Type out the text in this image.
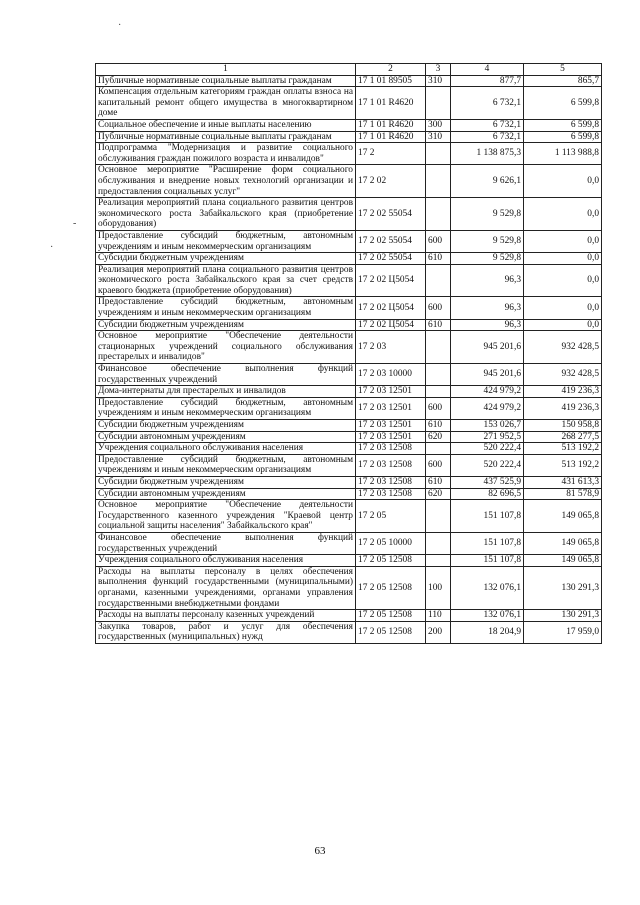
·
-
·
1	2	3	4	5
Публичные нормативные социальные выплаты гражданам	17 1 01 89505	310	877,7	865,7
Компенсация отдельным категориям граждан оплаты взноса на капитальный ремонт общего имущества в многоквартирном доме	17 1 01 R4620		6 732,1	6 599,8
Социальное обеспечение и иные выплаты населению	17 1 01 R4620	300	6 732,1	6 599,8
Публичные нормативные социальные выплаты гражданам	17 1 01 R4620	310	6 732,1	6 599,8
Подпрограмма "Модернизация и развитие социального обслуживания граждан пожилого возраста и инвалидов"	17 2		1 138 875,3	1 113 988,8
Основное мероприятие "Расширение форм социального обслуживания и внедрение новых технологий организации и предоставления социальных услуг"	17 2 02		9 626,1	0,0
Реализация мероприятий плана социального развития центров экономического роста Забайкальского края (приобретение оборудования)	17 2 02 55054		9 529,8	0,0
Предоставление субсидий бюджетным, автономным учреждениям и иным некоммерческим организациям	17 2 02 55054	600	9 529,8	0,0
Субсидии бюджетным учреждениям	17 2 02 55054	610	9 529,8	0,0
Реализация мероприятий плана социального развития центров экономического роста Забайкальского края за счет средств краевого бюджета (приобретение оборудования)	17 2 02 Ц5054		96,3	0,0
Предоставление субсидий бюджетным, автономным учреждениям и иным некоммерческим организациям	17 2 02 Ц5054	600	96,3	0,0
Субсидии бюджетным учреждениям	17 2 02 Ц5054	610	96,3	0,0
Основное мероприятие "Обеспечение деятельности стационарных учреждений социального обслуживания престарелых и инвалидов"	17 2 03		945 201,6	932 428,5
Финансовое обеспечение выполнения функций государственных учреждений	17 2 03 10000		945 201,6	932 428,5
Дома-интернаты для престарелых и инвалидов	17 2 03 12501		424 979,2	419 236,3
Предоставление субсидий бюджетным, автономным учреждениям и иным некоммерческим организациям	17 2 03 12501	600	424 979,2	419 236,3
Субсидии бюджетным учреждениям	17 2 03 12501	610	153 026,7	150 958,8
Субсидии автономным учреждениям	17 2 03 12501	620	271 952,5	268 277,5
Учреждения социального обслуживания населения	17 2 03 12508		520 222,4	513 192,2
Предоставление субсидий бюджетным, автономным учреждениям и иным некоммерческим организациям	17 2 03 12508	600	520 222,4	513 192,2
Субсидии бюджетным учреждениям	17 2 03 12508	610	437 525,9	431 613,3
Субсидии автономным учреждениям	17 2 03 12508	620	82 696,5	81 578,9
Основное мероприятие "Обеспечение деятельности Государственного казенного учреждения "Краевой центр социальной защиты населения" Забайкальского края"	17 2 05		151 107,8	149 065,8
Финансовое обеспечение выполнения функций государственных учреждений	17 2 05 10000		151 107,8	149 065,8
Учреждения социального обслуживания населения	17 2 05 12508		151 107,8	149 065,8
Расходы на выплаты персоналу в целях обеспечения выполнения функций государственными (муниципальными) органами, казенными учреждениями, органами управления государственными внебюджетными фондами	17 2 05 12508	100	132 076,1	130 291,3
Расходы на выплаты персоналу казенных учреждений	17 2 05 12508	110	132 076,1	130 291,3
Закупка товаров, работ и услуг для обеспечения государственных (муниципальных) нужд	17 2 05 12508	200	18 204,9	17 959,0
63
